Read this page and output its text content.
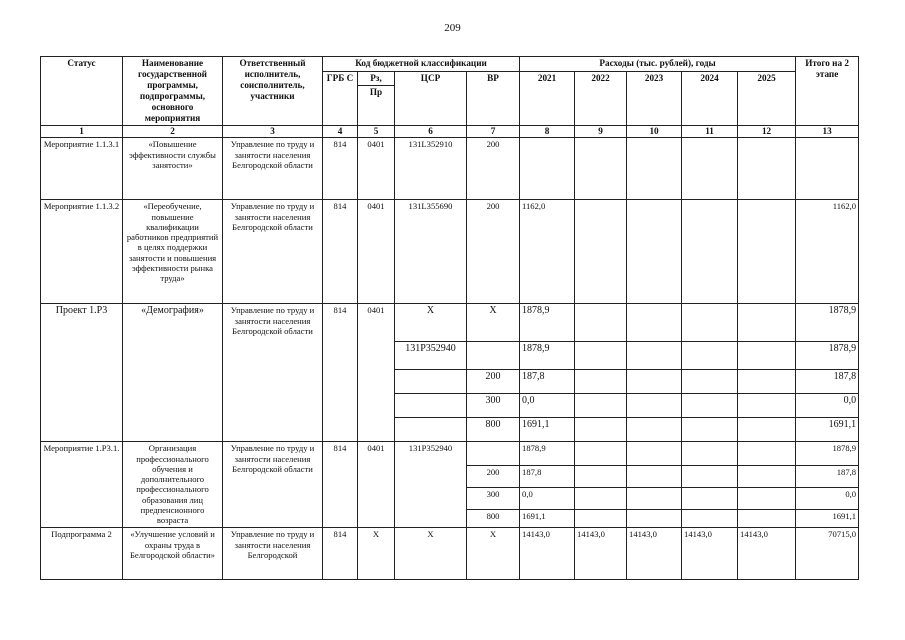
209
Статус	Наименование государственной программы, подпрограммы, основного мероприятия	Ответственный исполнитель, соисполнитель, участники	Код бюджетной классификации				Расходы (тыс. рублей), годы					Итого на 2 этапе
			ГРБ С	Рз,	ЦСР	ВР	2021	2022	2023	2024	2025	
				Пр								
1	2	3	4	5	6	7	8	9	10	11	12	13
Мероприятие 1.1.3.1	«Повышение эффективности службы занятости»	Управление по труду и занятости населения Белгородской области	814	0401	131L352910	200						
Мероприятие 1.1.3.2	«Переобучение, повышение квалификации работников предприятий в целях поддержки занятости и повышения эффективности рынка труда»	Управление по труду и занятости населения Белгородской области	814	0401	131L355690	200	1162,0					1162,0
Проект 1.Р3	«Демография»	Управление по труду и занятости населения Белгородской области	814	0401	Х	Х	1878,9					1878,9
					131Р352940		1878,9					1878,9
						200	187,8					187,8
						300	0,0					0,0
						800	1691,1					1691,1
Мероприятие 1.Р3.1.	Организация профессионального обучения и дополнительного профессионального образования лиц предпенсионного возраста	Управление по труду и занятости населения Белгородской области	814	0401	131Р352940		1878,9					1878,9
						200	187,8					187,8
						300	0,0					0,0
						800	1691,1					1691,1
Подпрограмма 2	«Улучшение условий и охраны труда в Белгородской области»	Управление по труду и занятости населения Белгородской	814	Х	Х	Х	14143,0	14143,0	14143,0	14143,0	14143,0	70715,0
